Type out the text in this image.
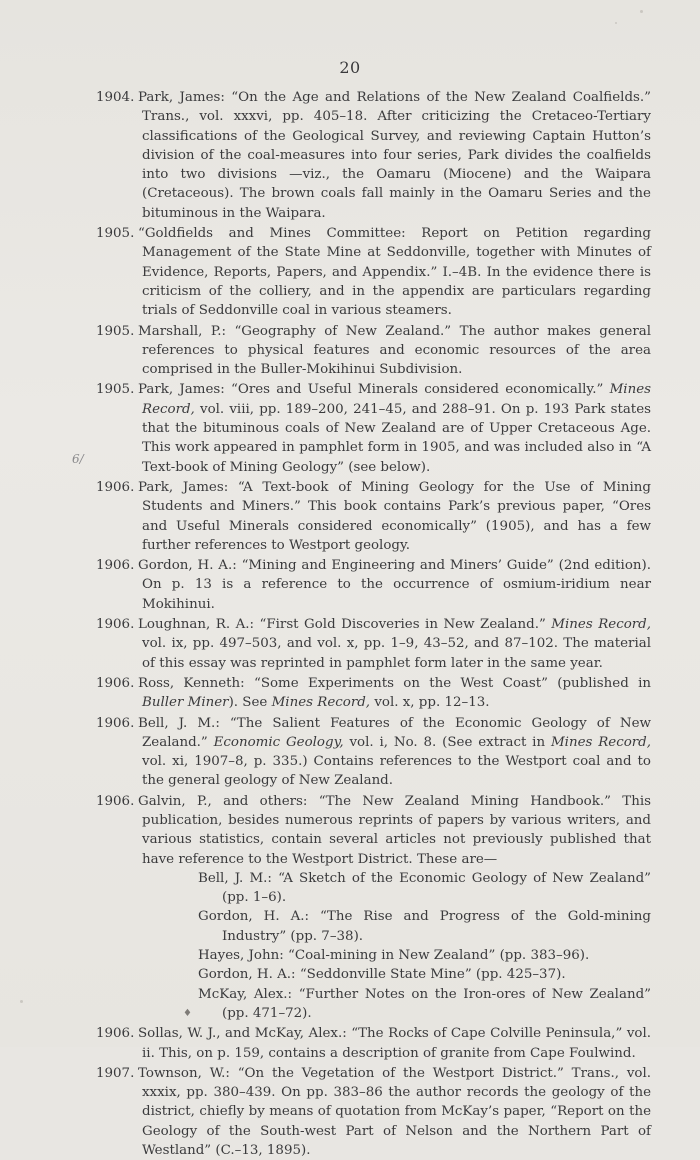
20
6/

1904. Park, James: “On the Age and Relations of the New Zealand Coalfields.” Trans., vol. xxxvi, pp. 405–18. After criticizing the Cretaceo-Tertiary classifications of the Geological Survey, and reviewing Captain Hutton’s division of the coal-measures into four series, Park divides the coalfields into two divisions —viz., the Oamaru (Miocene) and the Waipara (Cretaceous). The brown coals fall mainly in the Oamaru Series and the bituminous in the Waipara.

1905. “Goldfields and Mines Committee: Report on Petition regarding Management of the State Mine at Seddonville, together with Minutes of Evidence, Reports, Papers, and Appendix.” I.–4B. In the evidence there is criticism of the colliery, and in the appendix are particulars regarding trials of Seddonville coal in various steamers.

1905. Marshall, P.: “Geography of New Zealand.” The author makes general references to physical features and economic resources of the area comprised in the Buller-Mokihinui Subdivision.

1905. Park, James: “Ores and Useful Minerals considered economically.” Mines Record, vol. viii, pp. 189–200, 241–45, and 288–91. On p. 193 Park states that the bituminous coals of New Zealand are of Upper Cretaceous Age. This work appeared in pamphlet form in 1905, and was included also in “A Text-book of Mining Geology” (see below).

1906. Park, James: “A Text-book of Mining Geology for the Use of Mining Students and Miners.” This book contains Park’s previous paper, “Ores and Useful Minerals considered economically” (1905), and has a few further references to Westport geology.

1906. Gordon, H. A.: “Mining and Engineering and Miners’ Guide” (2nd edition). On p. 13 is a reference to the occurrence of osmium-iridium near Mokihinui.

1906. Loughnan, R. A.: “First Gold Discoveries in New Zealand.” Mines Record, vol. ix, pp. 497–503, and vol. x, pp. 1–9, 43–52, and 87–102. The material of this essay was reprinted in pamphlet form later in the same year.

1906. Ross, Kenneth: “Some Experiments on the West Coast” (published in Buller Miner). See Mines Record, vol. x, pp. 12–13.

1906. Bell, J. M.: “The Salient Features of the Economic Geology of New Zealand.” Economic Geology, vol. i, No. 8. (See extract in Mines Record, vol. xi, 1907–8, p. 335.) Contains references to the Westport coal and to the general geology of New Zealand.

1906. Galvin, P., and others: “The New Zealand Mining Handbook.” This publication, besides numerous reprints of papers by various writers, and various statistics, contain several articles not previously published that have reference to the Westport District. These are—
Bell, J. M.: “A Sketch of the Economic Geology of New Zealand” (pp. 1–6).
Gordon, H. A.: “The Rise and Progress of the Gold-mining Industry” (pp. 7–38).
Hayes, John: “Coal-mining in New Zealand” (pp. 383–96).
Gordon, H. A.: “Seddonville State Mine” (pp. 425–37).
McKay, Alex.: “Further Notes on the Iron-ores of New Zealand” (pp. 471–72).

1906. Sollas, W. J., and McKay, Alex.: “The Rocks of Cape Colville Peninsula,” vol. ii. This, on p. 159, contains a description of granite from Cape Foulwind.

1907. Townson, W.: “On the Vegetation of the Westport District.” Trans., vol. xxxix, pp. 380–439. On pp. 383–86 the author records the geology of the district, chiefly by means of quotation from McKay’s paper, “Report on the Geology of the South-west Part of Nelson and the Northern Part of Westland” (C.–13, 1895).

♦
